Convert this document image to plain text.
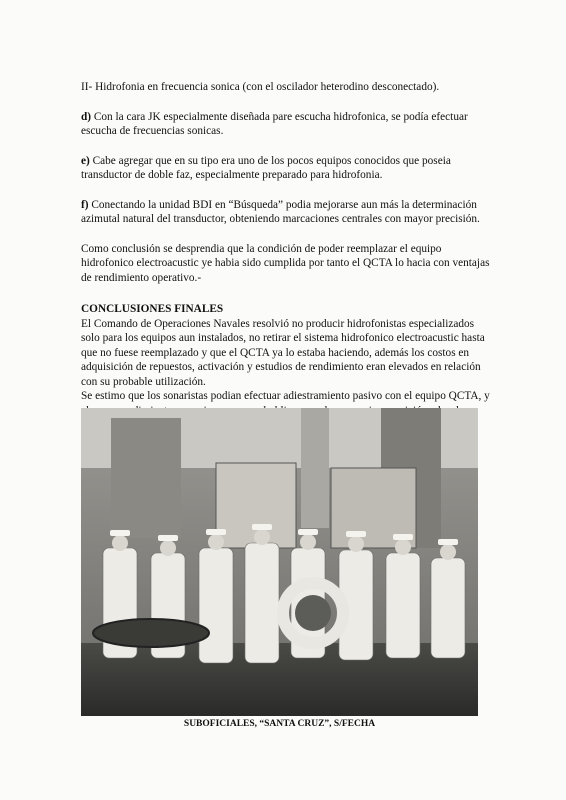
II- Hidrofonia en frecuencia sonica (con el oscilador heterodino desconectado).

d) Con la cara JK especialmente diseñada pare escucha hidrofonica, se podía efectuar escucha de frecuencias sonicas.

e) Cabe agregar que en su tipo era uno de los pocos equipos conocidos que poseia transductor de doble faz, especialmente preparado para hidrofonia.

f) Conectando la unidad BDI en “Búsqueda” podia mejorarse aun más la determinación azimutal natural del transductor, obteniendo marcaciones centrales con mayor precisión.

Como conclusión se desprendia que la condición de poder reemplazar el equipo hidrofonico electroacustic ye habia sido cumplida por tanto el QCTA lo hacia con ventajas de rendimiento operativo.-

CONCLUSIONES FINALES

El Comando de Operaciones Navales resolvió no producir hidrofonistas especializados solo para los equipos aun instalados, no retirar el sistema hidrofonico electroacustic hasta que no fuese reemplazado y que el QCTA ya lo estaba haciendo, además los costos en adquisición de repuestos, activación y estudios de rendimiento eran elevados en relación con su probable utilización.

Se estimo que los sonaristas podian efectuar adiestramiento pasivo con el equipo QCTA, y

SUBOFICIALES, “SANTA CRUZ”, S/FECHA
